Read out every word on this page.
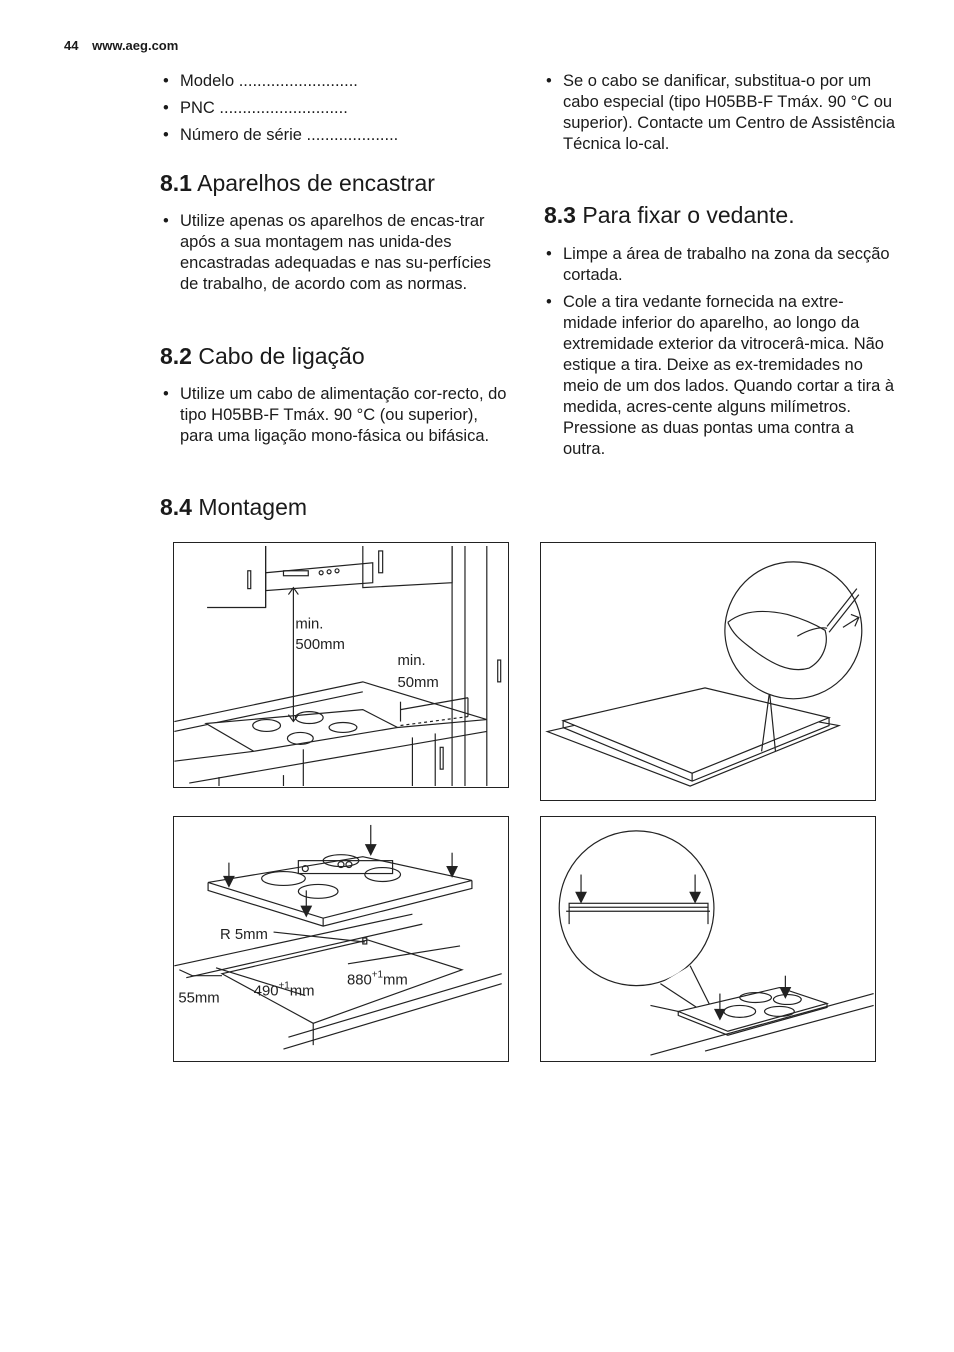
44 www.aeg.com
• Modelo ..........................
• PNC ............................
• Número de série ....................
8.1 Aparelhos de encastrar
• Utilize apenas os aparelhos de encas-trar após a sua montagem nas unida-des encastradas adequadas e nas su-perfícies de trabalho, de acordo com as normas.
8.2 Cabo de ligação
• Utilize um cabo de alimentação cor-recto, do tipo H05BB-F Tmáx. 90 °C (ou superior), para uma ligação mono-fásica ou bifásica.
• Se o cabo se danificar, substitua-o por um cabo especial (tipo H05BB-F Tmáx. 90 °C ou superior). Contacte um Centro de Assistência Técnica lo-cal.
8.3 Para fixar o vedante.
• Limpe a área de trabalho na zona da secção cortada.
• Cole a tira vedante fornecida na extre-midade inferior do aparelho, ao longo da extremidade exterior da vitrocerâ-mica. Não estique a tira. Deixe as ex-tremidades no meio de um dos lados. Quando cortar a tira à medida, acres-cente alguns milímetros. Pressione as duas pontas uma contra a outra.
8.4 Montagem
min.
500mm
min.
50mm
R 5mm
55mm $490^{+1}mm$
$880^{+1}mm$
